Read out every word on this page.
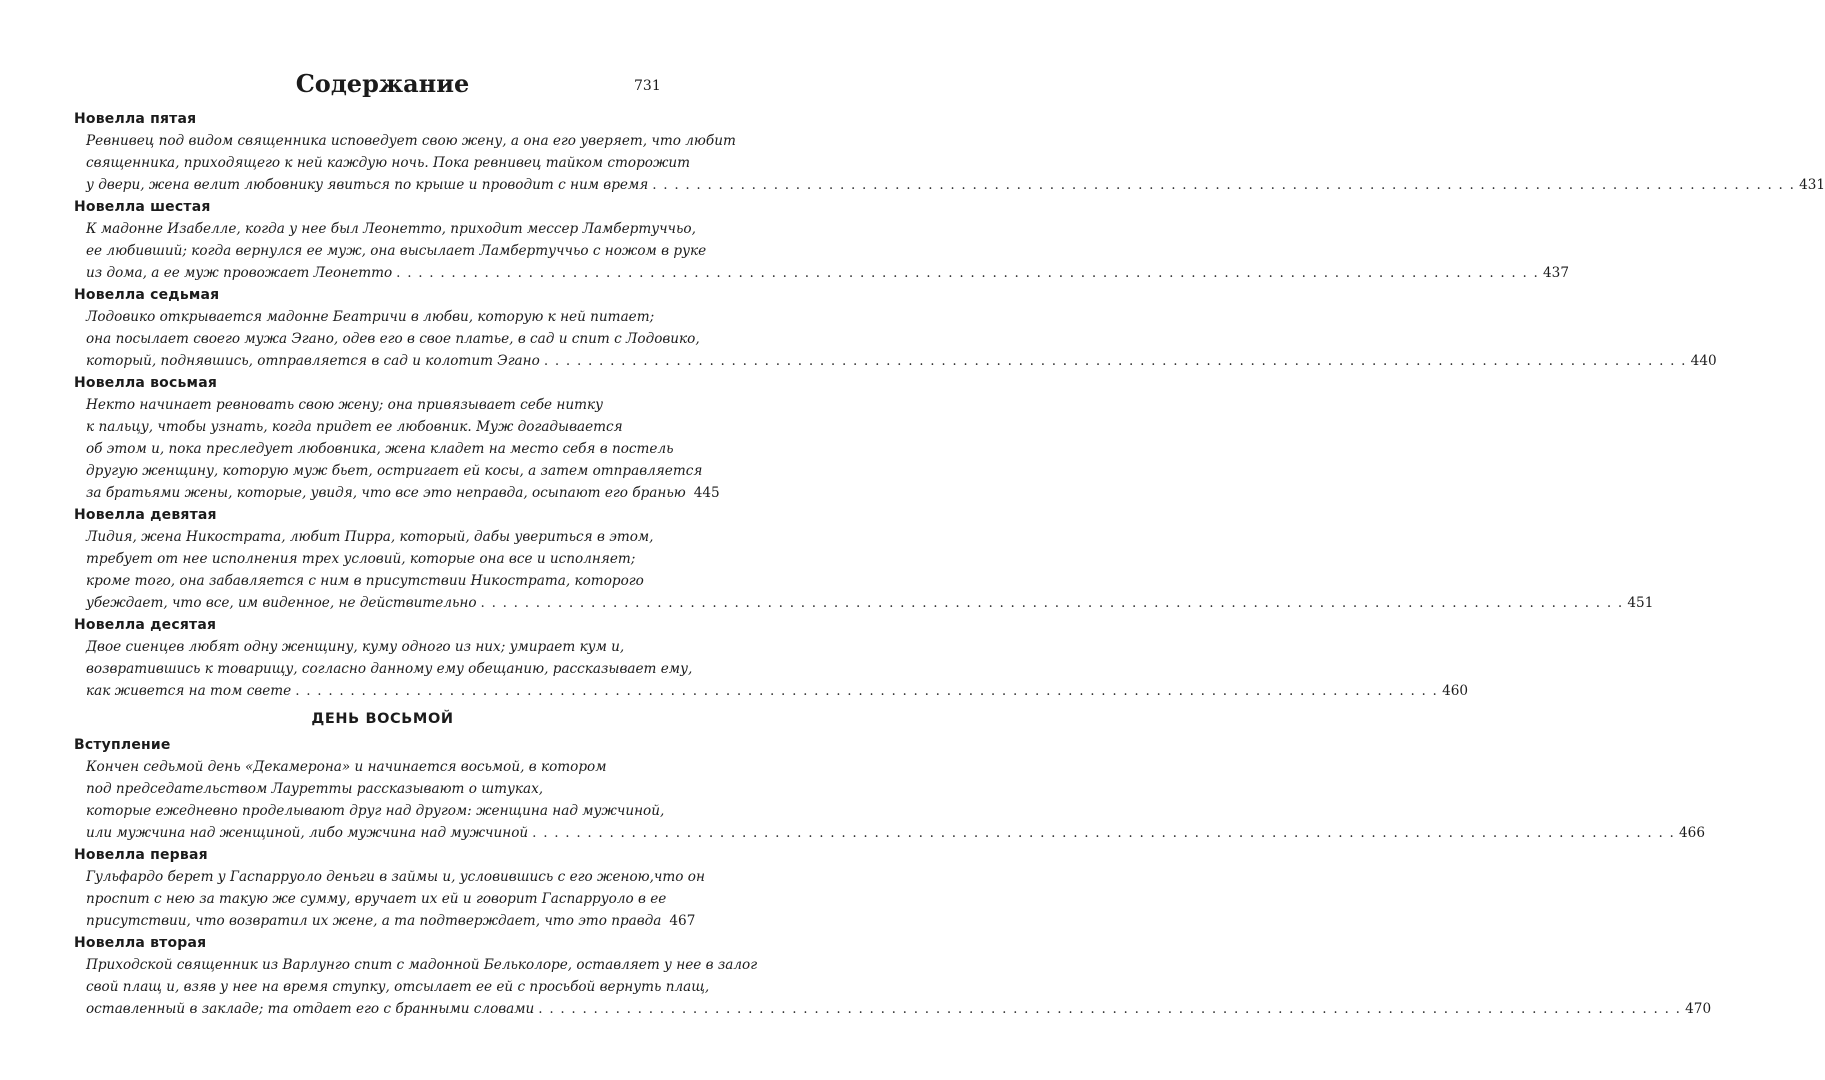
Содержание	731
Новелла пятая
Ревнивец под видом священника исповедует свою жену, а она его уверяет, что любит
священника, приходящего к ней каждую ночь. Пока ревнивец тайком сторожит
у двери, жена велит любовнику явиться по крыше и проводит с ним время . . . . . . . . . . . . . . . . . . . . . . . . . . . . . . . . . . . . . . . . . . . . . . . . . . . . . . . . . . . . . . . . . . . . . . . . . . . . . . . . . . . . . . . . . . . . . . . . . . . . . . . . 431
Новелла шестая
К мадонне Изабелле, когда у нее был Леонетто, приходит мессер Ламбертуччьо,
ее любивший; когда вернулся ее муж, она высылает Ламбертуччьо с ножом в руке
из дома, а ее муж провожает Леонетто . . . . . . . . . . . . . . . . . . . . . . . . . . . . . . . . . . . . . . . . . . . . . . . . . . . . . . . . . . . . . . . . . . . . . . . . . . . . . . . . . . . . . . . . . . . . . . . . . . . . . . . . 437
Новелла седьмая
Лодовико открывается мадонне Беатричи в любви, которую к ней питает;
она посылает своего мужа Эгано, одев его в свое платье, в сад и спит с Лодовико,
который, поднявшись, отправляется в сад и колотит Эгано . . . . . . . . . . . . . . . . . . . . . . . . . . . . . . . . . . . . . . . . . . . . . . . . . . . . . . . . . . . . . . . . . . . . . . . . . . . . . . . . . . . . . . . . . . . . . . . . . . . . . . . . 440
Новелла восьмая
Некто начинает ревновать свою жену; она привязывает себе нитку
к пальцу, чтобы узнать, когда придет ее любовник. Муж догадывается
об этом и, пока преследует любовника, жена кладет на место себя в постель
другую женщину, которую муж бьет, остригает ей косы, а затем отправляется
за братьями жены, которые, увидя, что все это неправда, осыпают его бранью 445
Новелла девятая
Лидия, жена Никострата, любит Пирра, который, дабы увериться в этом,
требует от нее исполнения трех условий, которые она все и исполняет;
кроме того, она забавляется с ним в присутствии Никострата, которого
убеждает, что все, им виденное, не действительно . . . . . . . . . . . . . . . . . . . . . . . . . . . . . . . . . . . . . . . . . . . . . . . . . . . . . . . . . . . . . . . . . . . . . . . . . . . . . . . . . . . . . . . . . . . . . . . . . . . . . . . . 451
Новелла десятая
Двое сиенцев любят одну женщину, куму одного из них; умирает кум и,
возвратившись к товарищу, согласно данному ему обещанию, рассказывает ему,
как живется на том свете . . . . . . . . . . . . . . . . . . . . . . . . . . . . . . . . . . . . . . . . . . . . . . . . . . . . . . . . . . . . . . . . . . . . . . . . . . . . . . . . . . . . . . . . . . . . . . . . . . . . . . . . 460
ДЕНЬ ВОСЬМОЙ
Вступление
Кончен седьмой день «Декамерона» и начинается восьмой, в котором
под председательством Лауретты рассказывают о штуках,
которые ежедневно проделывают друг над другом: женщина над мужчиной,
или мужчина над женщиной, либо мужчина над мужчиной . . . . . . . . . . . . . . . . . . . . . . . . . . . . . . . . . . . . . . . . . . . . . . . . . . . . . . . . . . . . . . . . . . . . . . . . . . . . . . . . . . . . . . . . . . . . . . . . . . . . . . . . 466
Новелла первая
Гульфардо берет у Гаспарруоло деньги в займы и, условившись с его женою,что он
проспит с нею за такую же сумму, вручает их ей и говорит Гаспарруоло в ее
присутствии, что возвратил их жене, а та подтверждает, что это правда 467
Новелла вторая
Приходской священник из Варлунго спит с мадонной Бельколоре, оставляет у нее в залог
свой плащ и, взяв у нее на время ступку, отсылает ее ей с просьбой вернуть плащ,
оставленный в закладе; та отдает его с бранными словами . . . . . . . . . . . . . . . . . . . . . . . . . . . . . . . . . . . . . . . . . . . . . . . . . . . . . . . . . . . . . . . . . . . . . . . . . . . . . . . . . . . . . . . . . . . . . . . . . . . . . . . . 470
